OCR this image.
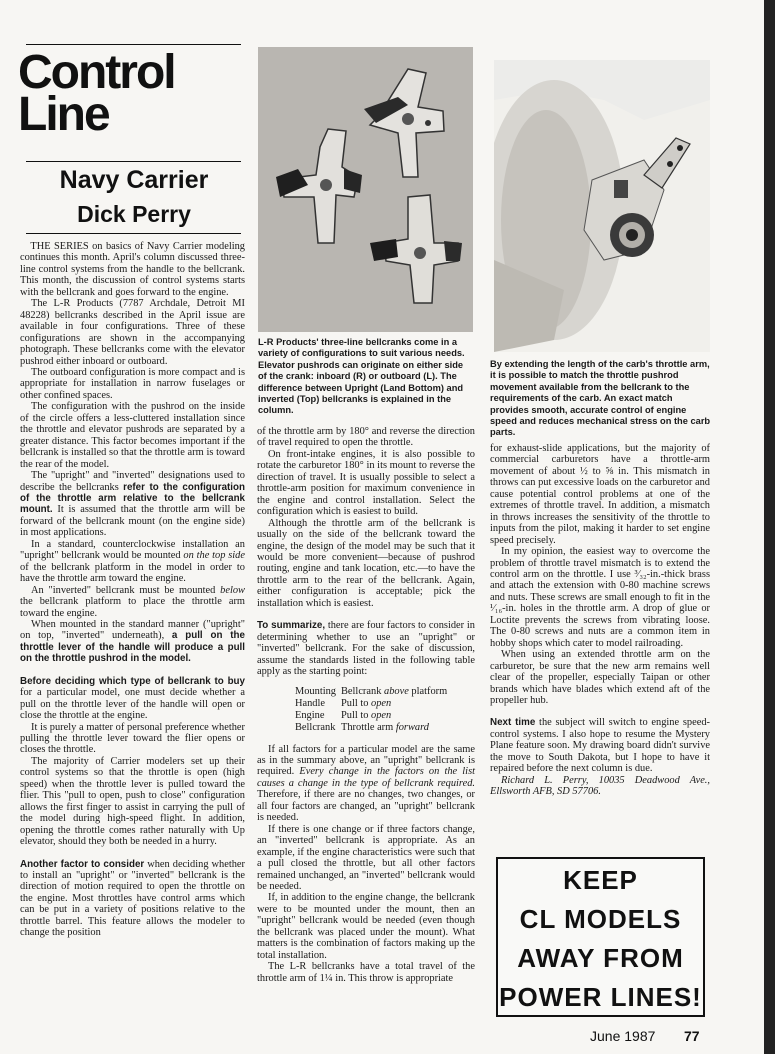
Control
Line
Navy Carrier
Dick Perry
L-R Products' three-line bellcranks come in a variety of configurations to suit various needs. Elevator pushrods can originate on either side of the crank: inboard (R) or outboard (L). The difference between Upright (Land Bottom) and inverted (Top) bellcranks is explained in the column.
By extending the length of the carb's throttle arm, it is possible to match the throttle pushrod movement available from the bellcrank to the requirements of the carb. An exact match provides smooth, accurate control of engine speed and reduces mechanical stress on the carb parts.

THE SERIES on basics of Navy Carrier modeling continues this month. April's column discussed three-line control systems from the handle to the bellcrank. This month, the discussion of control systems starts with the bellcrank and goes forward to the engine.

The L-R Products (7787 Archdale, Detroit MI 48228) bellcranks described in the April issue are available in four configurations. Three of these configurations are shown in the accompanying photograph. These bellcranks come with the elevator pushrod either inboard or outboard.

The outboard configuration is more compact and is appropriate for installation in narrow fuselages or other confined spaces.

The configuration with the pushrod on the inside of the circle offers a less-cluttered installation since the throttle and elevator pushrods are separated by a greater distance. This factor becomes important if the bellcrank is installed so that the throttle arm is toward the rear of the model.

The "upright" and "inverted" designations used to describe the bellcranks refer to the configuration of the throttle arm relative to the bellcrank mount. It is assumed that the throttle arm will be forward of the bellcrank mount (on the engine side) in most applications.

In a standard, counterclockwise installation an "upright" bellcrank would be mounted on the top side of the bellcrank platform in the model in order to have the throttle arm toward the engine.

An "inverted" bellcrank must be mounted below the bellcrank platform to place the throttle arm toward the engine.

When mounted in the standard manner ("upright" on top, "inverted" underneath), a pull on the throttle lever of the handle will produce a pull on the throttle pushrod in the model.

Before deciding which type of bellcrank to buy for a particular model, one must decide whether a pull on the throttle lever of the handle will open or close the throttle at the engine.

It is purely a matter of personal preference whether pulling the throttle lever toward the flier opens or closes the throttle.

The majority of Carrier modelers set up their control systems so that the throttle is open (high speed) when the throttle lever is pulled toward the flier. This "pull to open, push to close" configuration allows the first finger to assist in carrying the pull of the model during high-speed flight. In addition, opening the throttle comes rather naturally with Up elevator, should they both be needed in a hurry.

Another factor to consider when deciding whether to install an "upright" or "inverted" bellcrank is the direction of motion required to open the throttle on the engine. Most throttles have control arms which can be put in a variety of positions relative to the throttle barrel. This feature allows the modeler to change the position

of the throttle arm by 180° and reverse the direction of travel required to open the throttle.

On front-intake engines, it is also possible to rotate the carburetor 180° in its mount to reverse the direction of travel. It is usually possible to select a throttle-arm position for maximum convenience in the engine and control installation. Select the configuration which is easiest to build.

Although the throttle arm of the bellcrank is usually on the side of the bellcrank toward the engine, the design of the model may be such that it would be more convenient—because of pushrod routing, engine and tank location, etc.—to have the throttle arm to the rear of the bellcrank. Again, either configuration is acceptable; pick the installation which is easiest.

To summarize, there are four factors to consider in determining whether to use an "upright" or "inverted" bellcrank. For the sake of discussion, assume the standards listed in the following table apply as the starting point:

Mounting	Bellcrank above platform
Handle	Pull to open
Engine	Pull to open
Bellcrank	Throttle arm forward

If all factors for a particular model are the same as in the summary above, an "upright" bellcrank is required. Every change in the factors on the list causes a change in the type of bellcrank required. Therefore, if there are no changes, two changes, or all four factors are changed, an "upright" bellcrank is needed.

If there is one change or if three factors change, an "inverted" bellcrank is appropriate. As an example, if the engine characteristics were such that a pull closed the throttle, but all other factors remained unchanged, an "inverted" bellcrank would be needed.

If, in addition to the engine change, the bellcrank were to be mounted under the mount, then an "upright" bellcrank would be needed (even though the bellcrank was placed under the mount). What matters is the combination of factors making up the total installation.

The L-R bellcranks have a total travel of the throttle arm of 1¼ in. This throw is appropriate

for exhaust-slide applications, but the majority of commercial carburetors have a throttle-arm movement of about ½ to ⅝ in. This mismatch in throws can put excessive loads on the carburetor and cause potential control problems at one of the extremes of throttle travel. In addition, a mismatch in throws increases the sensitivity of the throttle to inputs from the pilot, making it harder to set engine speed precisely.

In my opinion, the easiest way to overcome the problem of throttle travel mismatch is to extend the control arm on the throttle. I use ³⁄₃₂-in.-thick brass and attach the extension with 0-80 machine screws and nuts. These screws are small enough to fit in the ¹⁄₁₆-in. holes in the throttle arm. A drop of glue or Loctite prevents the screws from vibrating loose. The 0-80 screws and nuts are a common item in hobby shops which cater to model railroading.

When using an extended throttle arm on the carburetor, be sure that the new arm remains well clear of the propeller, especially Taipan or other brands which have blades which extend aft of the propeller hub.

Next time the subject will switch to engine speed-control systems. I also hope to resume the Mystery Plane feature soon. My drawing board didn't survive the move to South Dakota, but I hope to have it repaired before the next column is due.

Richard L. Perry, 10035 Deadwood Ave., Ellsworth AFB, SD 57706.

KEEP
CL MODELS
AWAY FROM
POWER LINES!
June 1987 77
